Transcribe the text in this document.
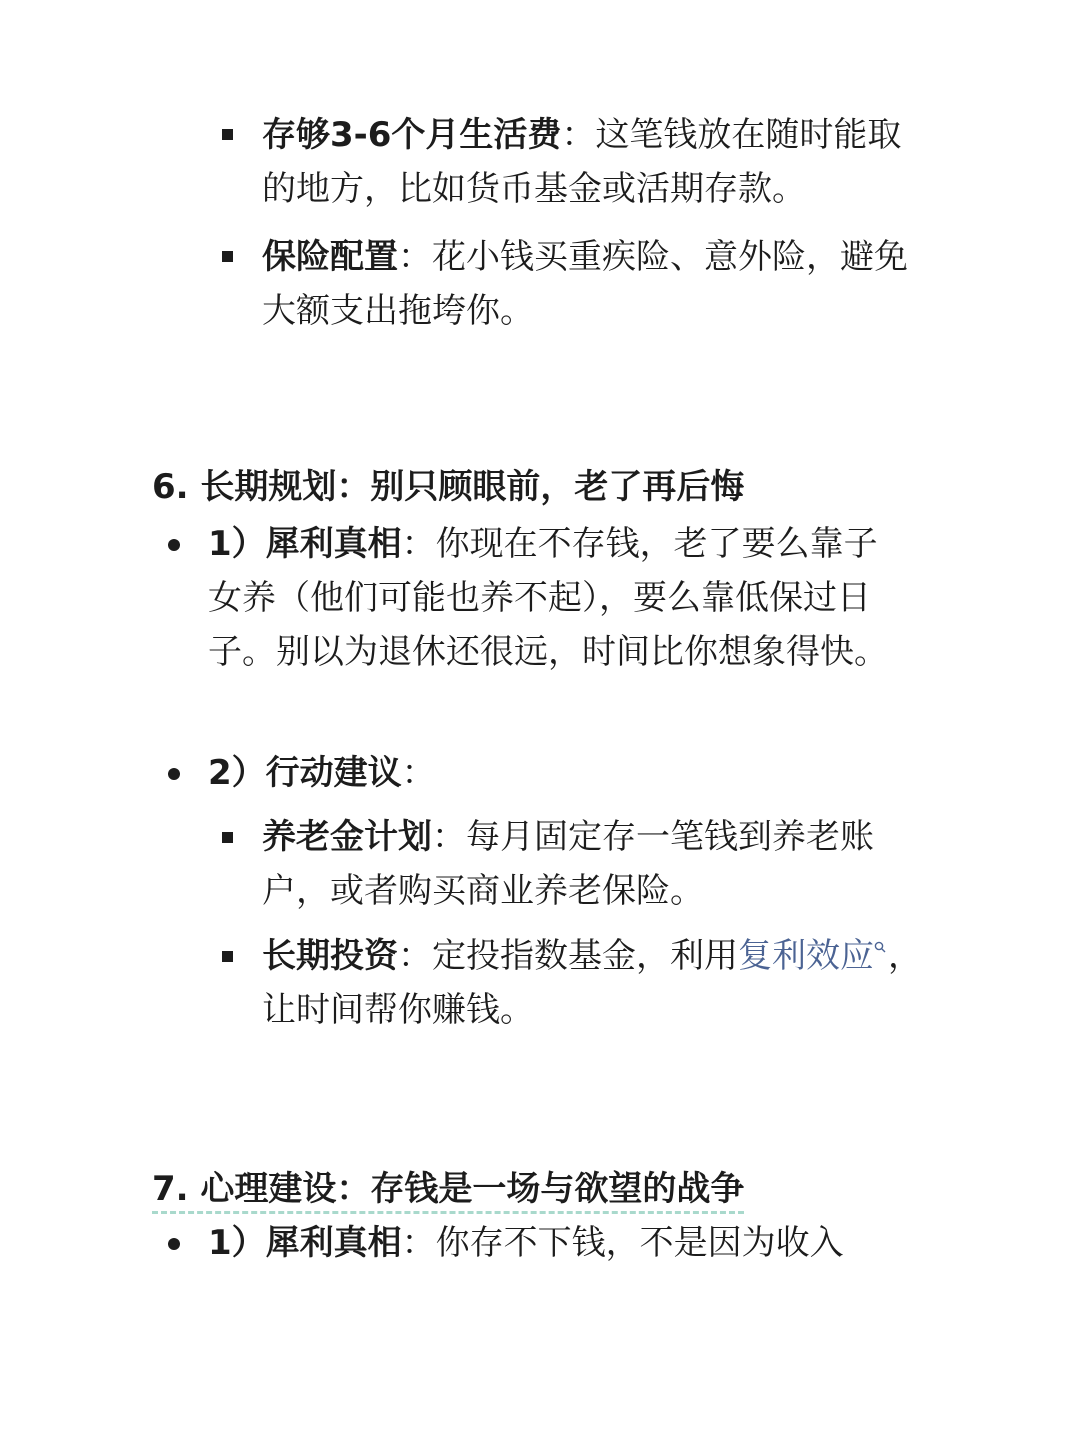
存够3-6个月生活费：这笔钱放在随时能取的地方，比如货币基金或活期存款。
保险配置：花小钱买重疾险、意外险，避免大额支出拖垮你。
6. 长期规划：别只顾眼前，老了再后悔
1）犀利真相：你现在不存钱，老了要么靠子女养（他们可能也养不起），要么靠低保过日子。别以为退休还很远，时间比你想象得快。
2）行动建议：
养老金计划：每月固定存一笔钱到养老账户，或者购买商业养老保险。
长期投资：定投指数基金，利用复利效应 ，让时间帮你赚钱。
7. 心理建设：存钱是一场与欲望的战争
1）犀利真相：你存不下钱，不是因为收入
